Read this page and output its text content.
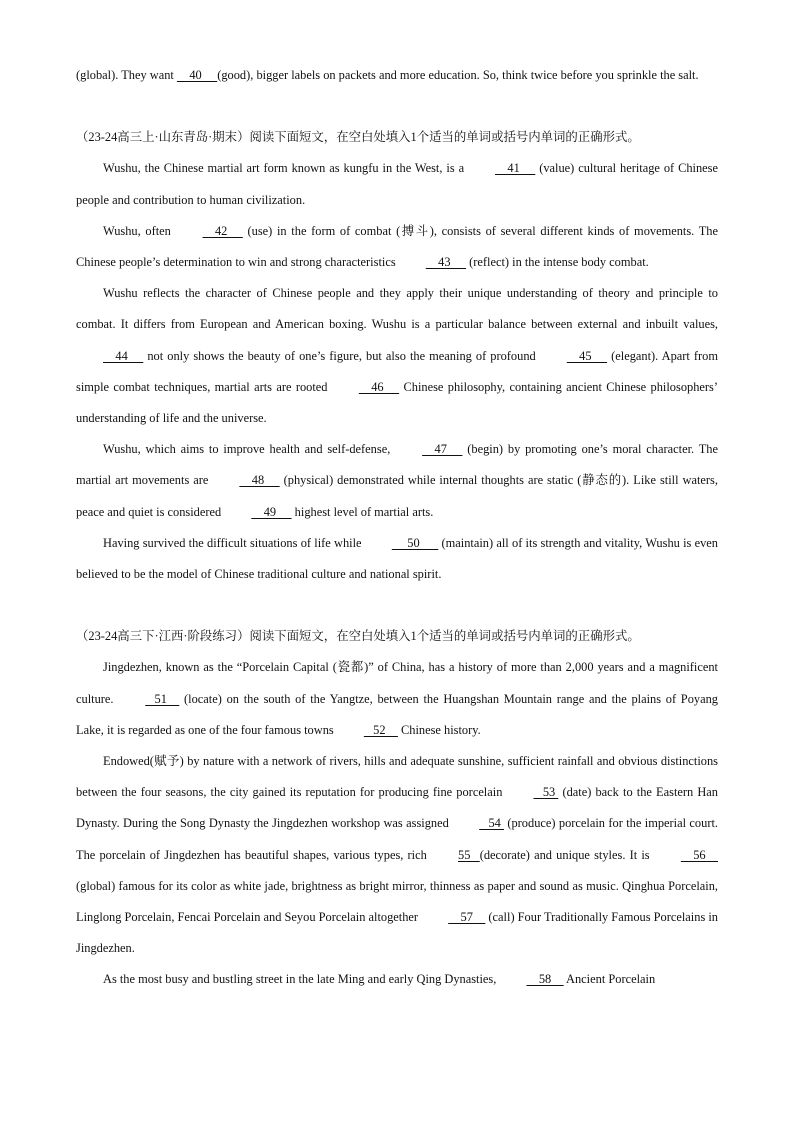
(global). They want     40     (good), bigger labels on packets and more education. So, think twice before you sprinkle the salt.

（23-24高三上·山东青岛·期末）阅读下面短文，在空白处填入1个适当的单词或括号内单词的正确形式。

Wushu, the Chinese martial art form known as kungfu in the West, is a     41      (value) cultural heritage of Chinese people and contribution to human civilization.

Wushu, often     42      (use) in the form of combat (搏斗), consists of several different kinds of movements. The Chinese people’s determination to win and strong characteristics     43      (reflect) in the intense body combat.

Wushu reflects the character of Chinese people and they apply their unique understanding of theory and principle to combat. It differs from European and American boxing. Wushu is a particular balance between external and inbuilt values,     44      not only shows the beauty of one’s figure, but also the meaning of profound     45      (elegant). Apart from simple combat techniques, martial arts are rooted     46      Chinese philosophy, containing ancient Chinese philosophers’ understanding of life and the universe.

Wushu, which aims to improve health and self-defense,     47      (begin) by promoting one’s moral character. The martial art movements are     48      (physical) demonstrated while internal thoughts are static (静态的). Like still waters, peace and quiet is considered     49      highest level of martial arts.

Having survived the difficult situations of life while      50       (maintain) all of its strength and vitality, Wushu is even believed to be the model of Chinese traditional culture and national spirit.

（23-24高三下·江西·阶段练习）阅读下面短文，在空白处填入1个适当的单词或括号内单词的正确形式。

Jingdezhen, known as the “Porcelain Capital (瓷都)” of China, has a history of more than 2,000 years and a magnificent culture.    51     (locate) on the south of the Yangtze, between the Huangshan Mountain range and the plains of Poyang Lake, it is regarded as one of the four famous towns    52     Chinese history.

Endowed(赋予) by nature with a network of rivers, hills and adequate sunshine, sufficient rainfall and obvious distinctions between the four seasons, the city gained its reputation for producing fine porcelain    53  (date) back to the Eastern Han Dynasty. During the Song Dynasty the Jingdezhen workshop was assigned    54  (produce) porcelain for the imperial court. The porcelain of Jingdezhen has beautiful shapes, various types, rich 55   (decorate) and unique styles. It is     56     (global) famous for its color as white jade, brightness as bright mirror, thinness as paper and sound as music. Qinghua Porcelain, Linglong Porcelain, Fencai Porcelain and Seyou Porcelain altogether     57     (call) Four Traditionally Famous Porcelains in Jingdezhen.

As the most busy and bustling street in the late Ming and early Qing Dynasties,     58     Ancient Porcelain
